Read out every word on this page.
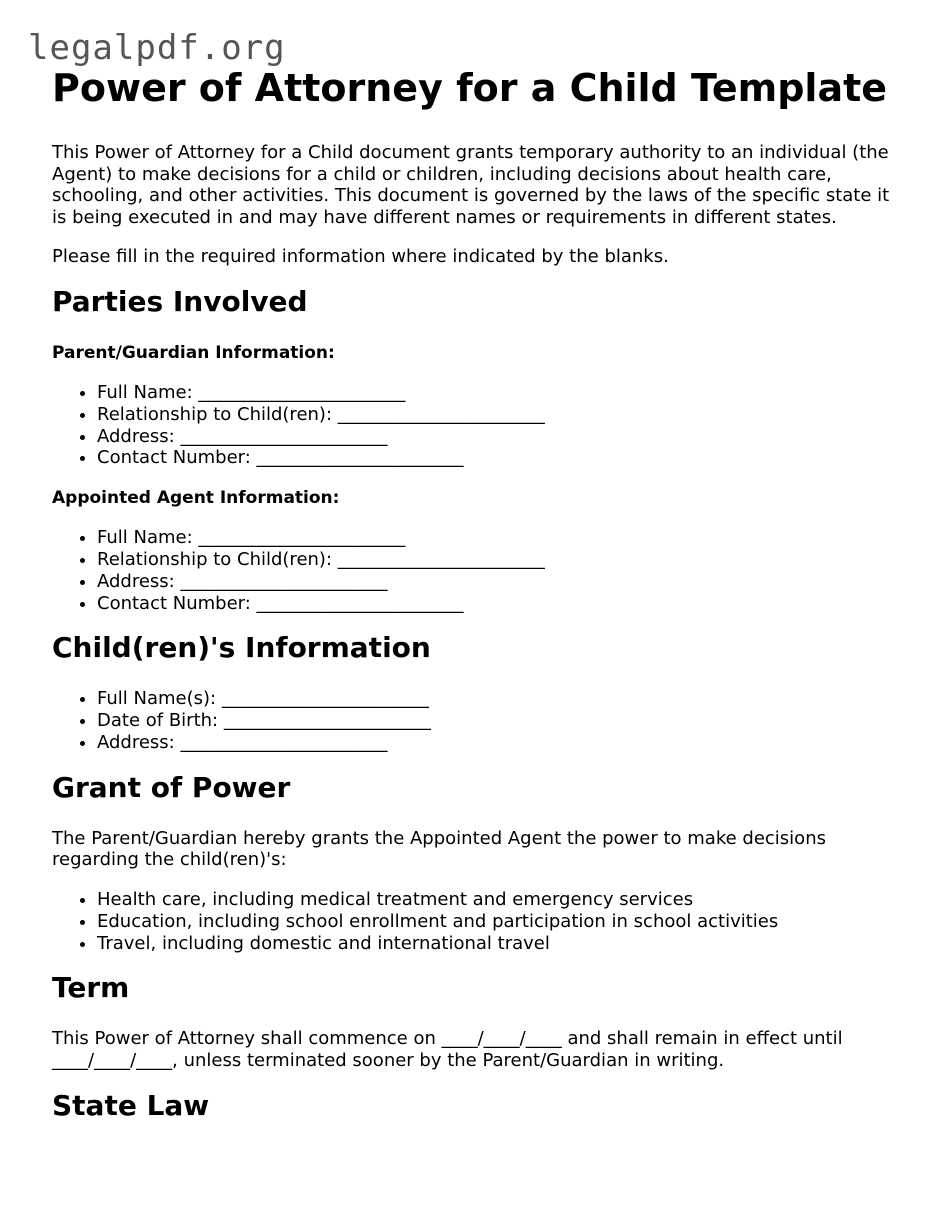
legalpdf.org
Power of Attorney for a Child Template

This Power of Attorney for a Child document grants temporary authority to an individual (the Agent) to make decisions for a child or children, including decisions about health care, schooling, and other activities. This document is governed by the laws of the specific state it is being executed in and may have different names or requirements in different states.

Please fill in the required information where indicated by the blanks.

Parties Involved
Parent/Guardian Information:
• Full Name: _______________________
• Relationship to Child(ren): _______________________
• Address: _______________________
• Contact Number: _______________________
Appointed Agent Information:
• Full Name: _______________________
• Relationship to Child(ren): _______________________
• Address: _______________________
• Contact Number: _______________________
Child(ren)'s Information
• Full Name(s): _______________________
• Date of Birth: _______________________
• Address: _______________________
Grant of Power

The Parent/Guardian hereby grants the Appointed Agent the power to make decisions regarding the child(ren)'s:

• Health care, including medical treatment and emergency services
• Education, including school enrollment and participation in school activities
• Travel, including domestic and international travel
Term

This Power of Attorney shall commence on ____/____/____ and shall remain in effect until ____/____/____, unless terminated sooner by the Parent/Guardian in writing.

State Law
